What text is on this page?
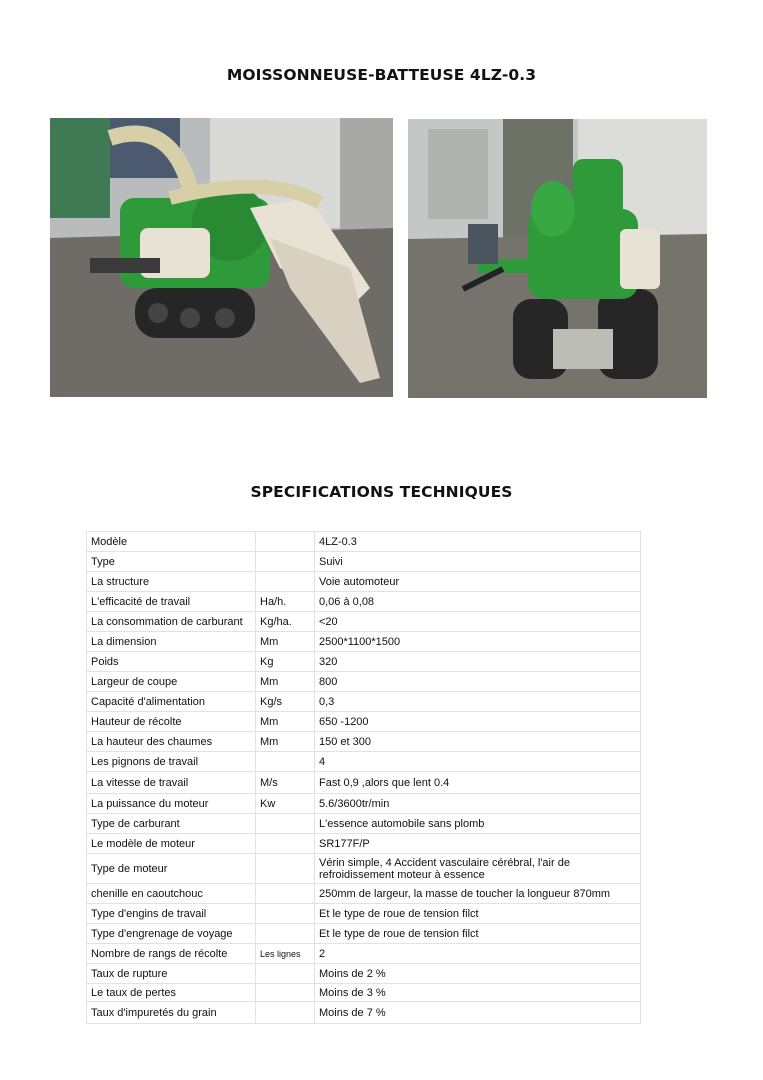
MOISSONNEUSE-BATTEUSE 4LZ-0.3
SPECIFICATIONS TECHNIQUES
Modèle		4LZ-0.3
Type		Suivi
La structure		Voie automoteur
L'efficacité de travail	Ha/h.	0,06 à 0,08
La consommation de carburant	Kg/ha.	<20
La dimension	Mm	2500*1100*1500
Poids	Kg	320
Largeur de coupe	Mm	800
Capacité d'alimentation	Kg/s	0,3
Hauteur de récolte	Mm	650 -1200
La hauteur des chaumes	Mm	150 et 300
Les pignons de travail		4
La vitesse de travail	M/s	Fast 0,9 ,alors que lent 0.4
La puissance du moteur	Kw	5.6/3600tr/min
Type de carburant		L'essence automobile sans plomb
Le modèle de moteur		SR177F/P
Type de moteur		Vérin simple, 4 Accident vasculaire cérébral, l'air de refroidissement moteur à essence
chenille en caoutchouc		250mm de largeur, la masse de toucher la longueur 870mm
Type d'engins de travail		Et le type de roue de tension filct
Type d'engrenage de voyage		Et le type de roue de tension filct
Nombre de rangs de récolte	Les lignes	2
Taux de rupture		Moins de 2 %
Le taux de pertes		Moins de 3 %
Taux d'impuretés du grain		Moins de 7 %
